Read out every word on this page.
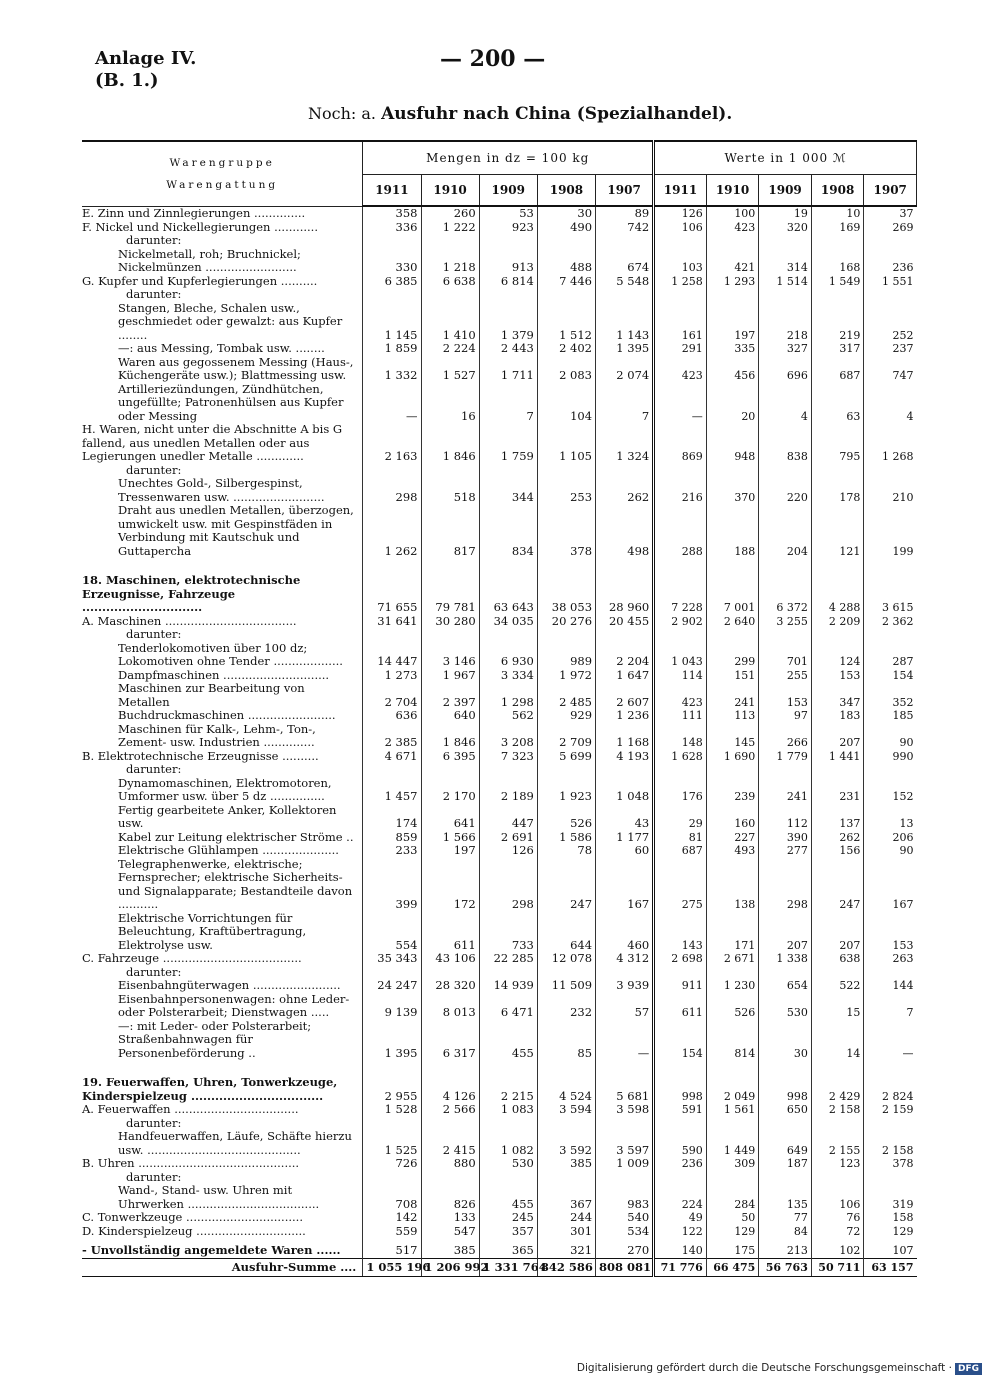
Anlage IV.
(B. 1.)
— 200 —
Noch: a. Ausfuhr nach China (Spezialhandel).
Warengruppe
Warengattung	Mengen in dz = 100 kg					Werte in 1 000 ℳ				
	1911	1910	1909	1908	1907	1911	1910	1909	1908	1907
E. Zinn und Zinnlegierungen ..............	358	260	53	30	89	126	100	19	10	37
F. Nickel und Nickellegierungen ............	336	1 222	923	490	742	106	423	320	169	269
darunter:										
Nickelmetall, roh; Bruchnickel; Nickelmünzen .........................	330	1 218	913	488	674	103	421	314	168	236
G. Kupfer und Kupferlegierungen ..........	6 385	6 638	6 814	7 446	5 548	1 258	1 293	1 514	1 549	1 551
darunter:										
Stangen, Bleche, Schalen usw., geschmiedet oder gewalzt: aus Kupfer ........	1 145	1 410	1 379	1 512	1 143	161	197	218	219	252
—: aus Messing, Tombak usw. ........	1 859	2 224	2 443	2 402	1 395	291	335	327	317	237
Waren aus gegossenem Messing (Haus-, Küchengeräte usw.); Blattmessing usw.	1 332	1 527	1 711	2 083	2 074	423	456	696	687	747
Artilleriezündungen, Zündhütchen, ungefüllte; Patronenhülsen aus Kupfer oder Messing	—	16	7	104	7	—	20	4	63	4
H. Waren, nicht unter die Abschnitte A bis G fallend, aus unedlen Metallen oder aus Legierungen unedler Metalle .............	2 163	1 846	1 759	1 105	1 324	869	948	838	795	1 268
darunter:										
Unechtes Gold-, Silbergespinst, Tressenwaren usw. .........................	298	518	344	253	262	216	370	220	178	210
Draht aus unedlen Metallen, überzogen, umwickelt usw. mit Gespinstfäden in Verbindung mit Kautschuk und Guttapercha	1 262	817	834	378	498	288	188	204	121	199

18. Maschinen, elektrotechnische Erzeugnisse, Fahrzeuge ..............................	71 655	79 781	63 643	38 053	28 960	7 228	7 001	6 372	4 288	3 615
A. Maschinen ....................................	31 641	30 280	34 035	20 276	20 455	2 902	2 640	3 255	2 209	2 362
darunter:										
Tenderlokomotiven über 100 dz; Lokomotiven ohne Tender ...................	14 447	3 146	6 930	989	2 204	1 043	299	701	124	287
Dampfmaschinen .............................	1 273	1 967	3 334	1 972	1 647	114	151	255	153	154
Maschinen zur Bearbeitung von Metallen	2 704	2 397	1 298	2 485	2 607	423	241	153	347	352
Buchdruckmaschinen ........................	636	640	562	929	1 236	111	113	97	183	185
Maschinen für Kalk-, Lehm-, Ton-, Zement- usw. Industrien ..............	2 385	1 846	3 208	2 709	1 168	148	145	266	207	90
B. Elektrotechnische Erzeugnisse ..........	4 671	6 395	7 323	5 699	4 193	1 628	1 690	1 779	1 441	990
darunter:										
Dynamomaschinen, Elektromotoren, Umformer usw. über 5 dz ...............	1 457	2 170	2 189	1 923	1 048	176	239	241	231	152
Fertig gearbeitete Anker, Kollektoren usw.	174	641	447	526	43	29	160	112	137	13
Kabel zur Leitung elektrischer Ströme ..	859	1 566	2 691	1 586	1 177	81	227	390	262	206
Elektrische Glühlampen .....................	233	197	126	78	60	687	493	277	156	90
Telegraphenwerke, elektrische; Fernsprecher; elektrische Sicherheits- und Signalapparate; Bestandteile davon ...........	399	172	298	247	167	275	138	298	247	167
Elektrische Vorrichtungen für Beleuchtung, Kraftübertragung, Elektrolyse usw.	554	611	733	644	460	143	171	207	207	153
C. Fahrzeuge ......................................	35 343	43 106	22 285	12 078	4 312	2 698	2 671	1 338	638	263
darunter:										
Eisenbahngüterwagen ........................	24 247	28 320	14 939	11 509	3 939	911	1 230	654	522	144
Eisenbahnpersonenwagen: ohne Leder- oder Polsterarbeit; Dienstwagen .....	9 139	8 013	6 471	232	57	611	526	530	15	7
—: mit Leder- oder Polsterarbeit; Straßenbahnwagen für Personenbeförderung ..	1 395	6 317	455	85	—	154	814	30	14	—

19. Feuerwaffen, Uhren, Tonwerkzeuge, Kinderspielzeug .................................	2 955	4 126	2 215	4 524	5 681	998	2 049	998	2 429	2 824
A. Feuerwaffen ..................................	1 528	2 566	1 083	3 594	3 598	591	1 561	650	2 158	2 159
darunter:										
Handfeuerwaffen, Läufe, Schäfte hierzu usw. ..........................................	1 525	2 415	1 082	3 592	3 597	590	1 449	649	2 155	2 158
B. Uhren ............................................	726	880	530	385	1 009	236	309	187	123	378
darunter:										
Wand-, Stand- usw. Uhren mit Uhrwerken ....................................	708	826	455	367	983	224	284	135	106	319
C. Tonwerkzeuge ................................	142	133	245	244	540	49	50	77	76	158
D. Kinderspielzeug ..............................	559	547	357	301	534	122	129	84	72	129
- Unvollständig angemeldete Waren ......	517	385	365	321	270	140	175	213	102	107
Ausfuhr-Summe ....	1 055 196	1 206 992	1 331 764	842 586	808 081	71 776	66 475	56 763	50 711	63 157
Digitalisierung gefördert durch die Deutsche Forschungsgemeinschaft · DFG
